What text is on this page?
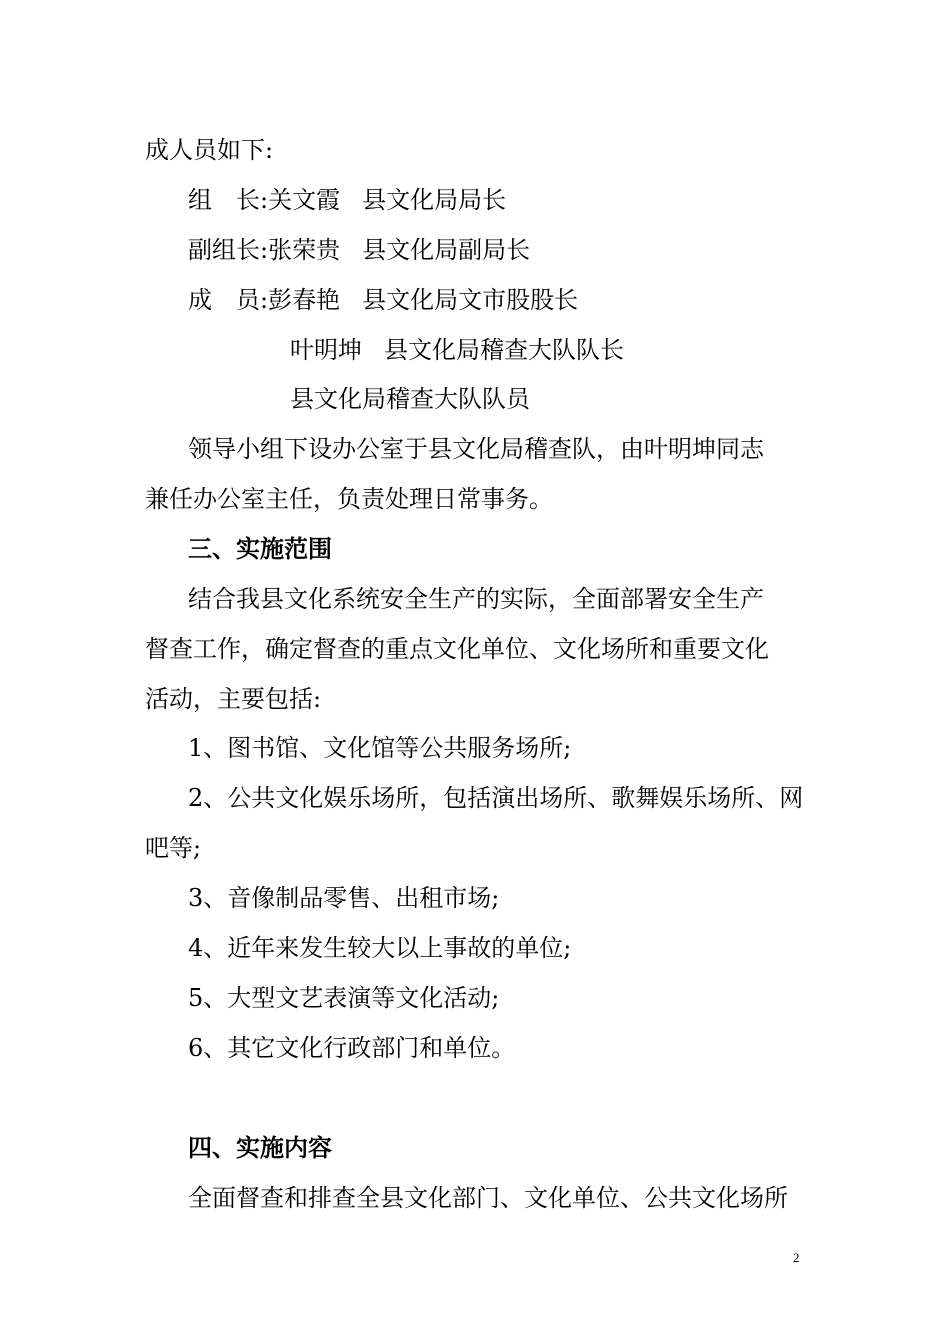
成人员如下:
组　长:关文霞 县文化局局长
副组长:张荣贵 县文化局副局长
成　员:彭春艳 县文化局文市股股长
叶明坤 县文化局稽查大队队长
县文化局稽查大队队员
领导小组下设办公室于县文化局稽查队，由叶明坤同志
兼任办公室主任，负责处理日常事务。
三、实施范围
结合我县文化系统安全生产的实际，全面部署安全生产
督查工作，确定督查的重点文化单位、文化场所和重要文化
活动，主要包括:
1、图书馆、文化馆等公共服务场所;
2、公共文化娱乐场所，包括演出场所、歌舞娱乐场所、网
吧等;
3、音像制品零售、出租市场;
4、近年来发生较大以上事故的单位;
5、大型文艺表演等文化活动;
6、其它文化行政部门和单位。
四、实施内容
全面督查和排查全县文化部门、文化单位、公共文化场所
2
